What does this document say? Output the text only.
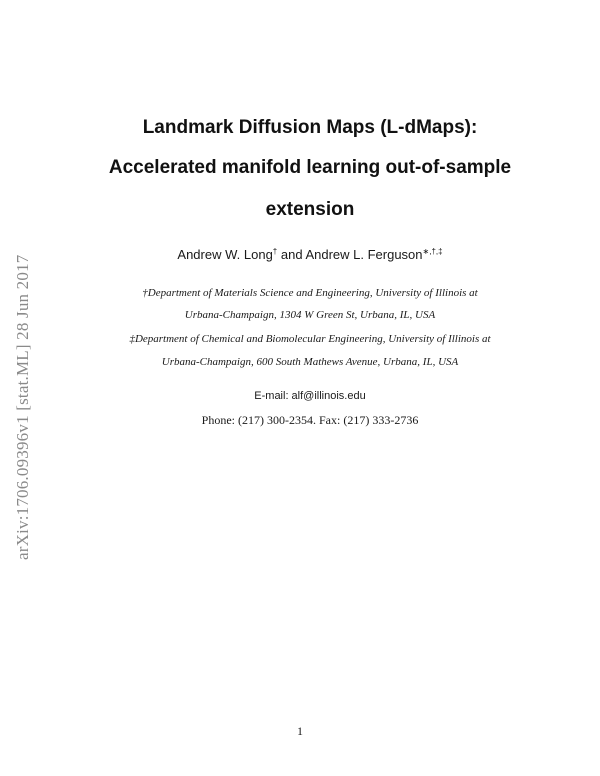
arXiv:1706.09396v1 [stat.ML] 28 Jun 2017
Landmark Diffusion Maps (L-dMaps):
Accelerated manifold learning out-of-sample
extension
Andrew W. Long† and Andrew L. Ferguson∗,†,‡
†Department of Materials Science and Engineering, University of Illinois at
Urbana-Champaign, 1304 W Green St, Urbana, IL, USA
‡Department of Chemical and Biomolecular Engineering, University of Illinois at
Urbana-Champaign, 600 South Mathews Avenue, Urbana, IL, USA
E-mail: alf@illinois.edu
Phone: (217) 300-2354. Fax: (217) 333-2736
1
